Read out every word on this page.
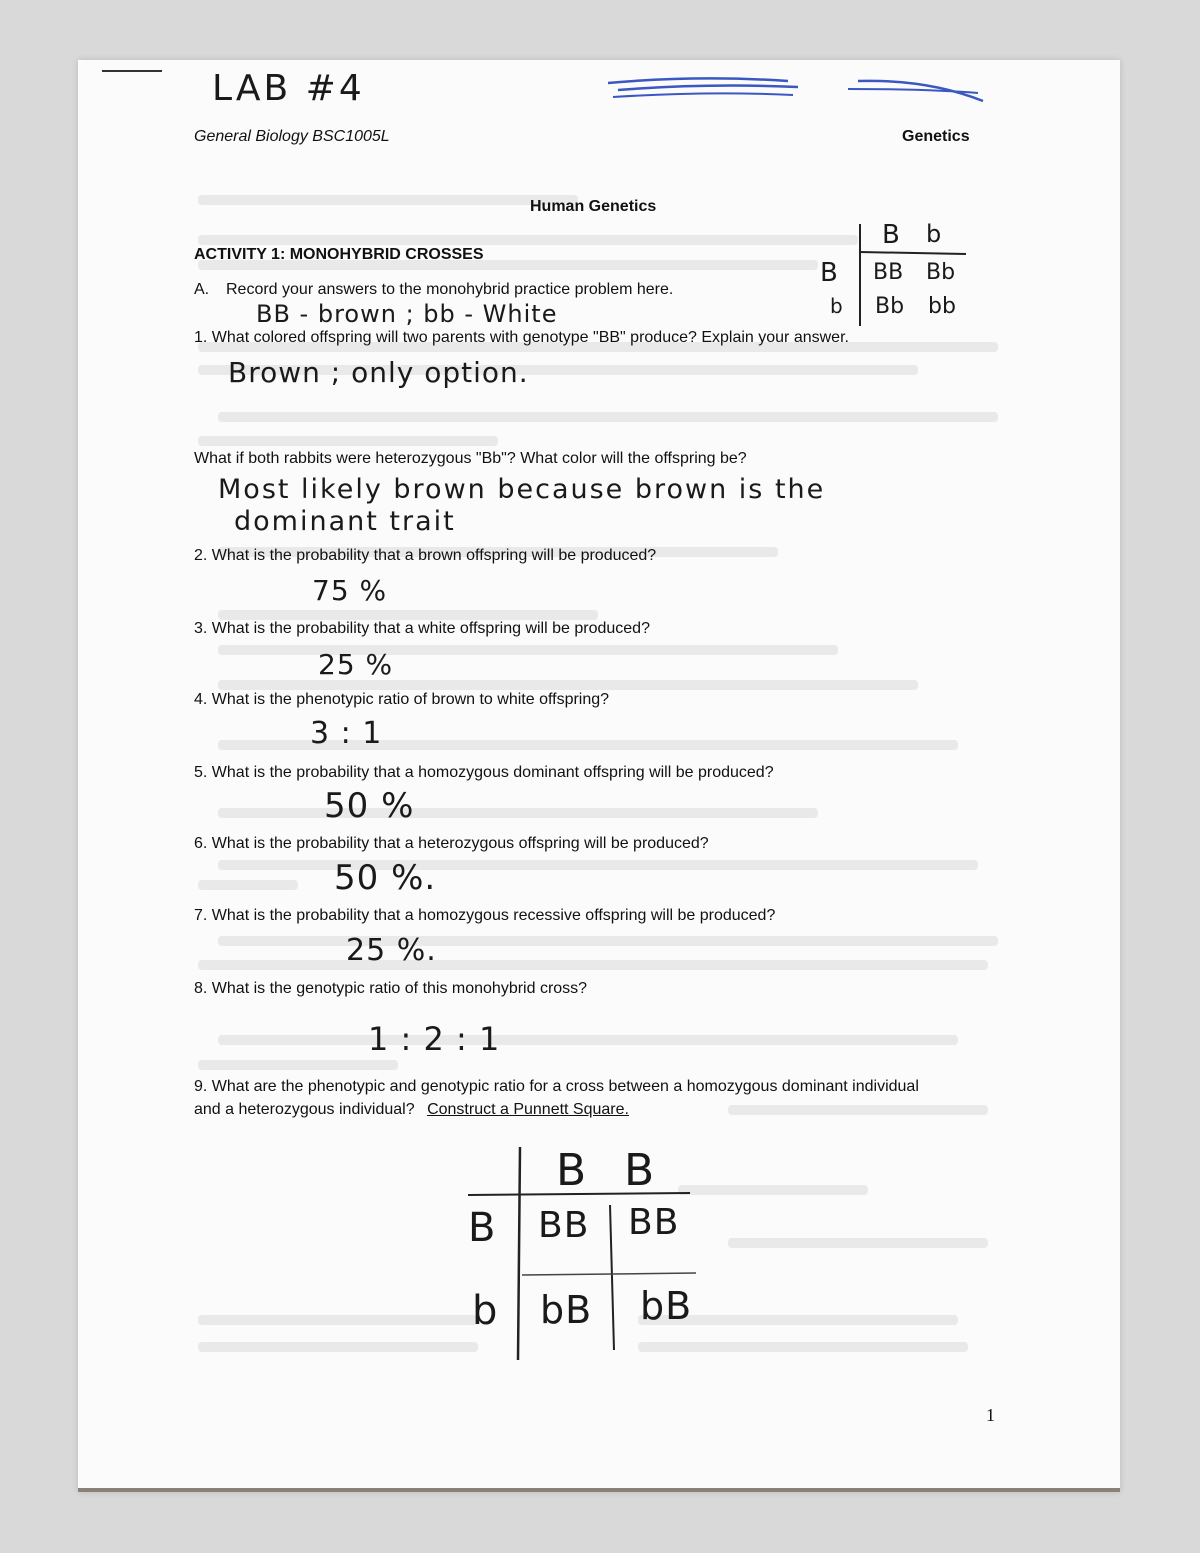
LAB #4
General Biology BSC1005L	Genetics
Human Genetics
ACTIVITY 1: MONOHYBRID CROSSES
B b
B BB Bb
b Bb bb
A. Record your answers to the monohybrid practice problem here.
BB - brown ; bb - White
1. What colored offspring will two parents with genotype "BB" produce? Explain your answer.
Brown ; only option.
What if both rabbits were heterozygous "Bb"? What color will the offspring be?
Most likely brown because brown is the
dominant trait
2. What is the probability that a brown offspring will be produced?
75 %
3. What is the probability that a white offspring will be produced?
25 %
4. What is the phenotypic ratio of brown to white offspring?
3 : 1
5. What is the probability that a homozygous dominant offspring will be produced?
50 %
6. What is the probability that a heterozygous offspring will be produced?
50 %.
7. What is the probability that a homozygous recessive offspring will be produced?
25 %.
8. What is the genotypic ratio of this monohybrid cross?
1 : 2 : 1
9. What are the phenotypic and genotypic ratio for a cross between a homozygous dominant individual
and a heterozygous individual? Construct a Punnett Square.
B B
B BB BB
b bB bB
1
